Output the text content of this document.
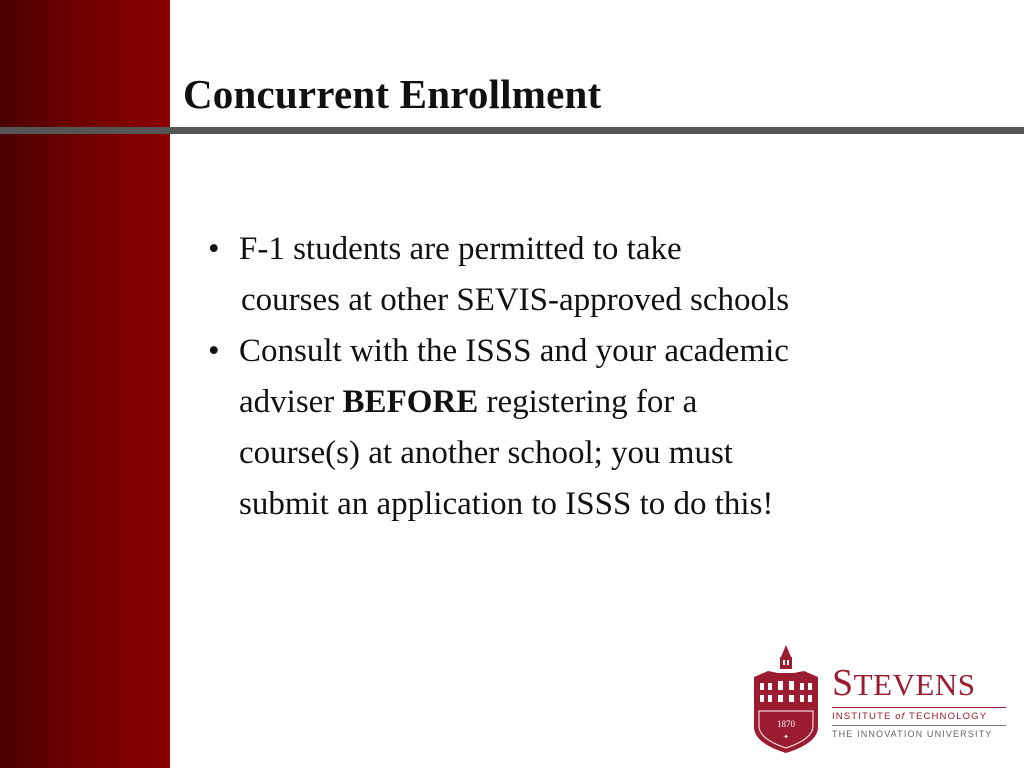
Concurrent Enrollment
• F-1 students are permitted to take
courses at other SEVIS-approved schools
• Consult with the ISSS and your academic
adviser BEFORE registering for a
course(s) at another school; you must
submit an application to ISSS to do this!
1870
✦
STEVENS
INSTITUTE of TECHNOLOGY
THE INNOVATION UNIVERSITY
